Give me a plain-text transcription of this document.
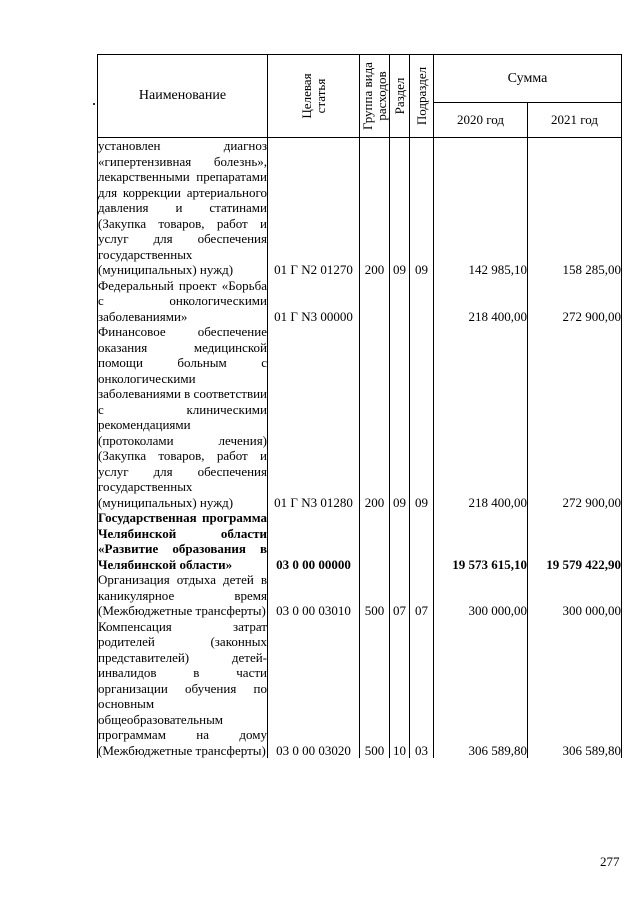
Наименование	Целевая статья	Группа вида расходов	Раздел	Подраздел	Сумма	
					2020 год	2021 год
установлен диагноз «гипертензивная болезнь», лекарственными препаратами для коррекции артериального давления и статинами (Закупка товаров, работ и услуг для обеспечения государственных (муниципальных) нужд)	01 Г N2 01270	200	09	09	142 985,10	158 285,00
Федеральный проект «Борьба с онкологическими заболеваниями»	01 Г N3 00000				218 400,00	272 900,00
Финансовое обеспечение оказания медицинской помощи больным с онкологическими заболеваниями в соответствии с клиническими рекомендациями (протоколами лечения) (Закупка товаров, работ и услуг для обеспечения государственных (муниципальных) нужд)	01 Г N3 01280	200	09	09	218 400,00	272 900,00
Государственная программа Челябинской области «Развитие образования в Челябинской области»	03 0 00 00000				19 573 615,10	19 579 422,90
Организация отдыха детей в каникулярное время (Межбюджетные трансферты)	03 0 00 03010	500	07	07	300 000,00	300 000,00
Компенсация затрат родителей (законных представителей) детей-инвалидов в части организации обучения по основным общеобразовательным программам на дому (Межбюджетные трансферты)	03 0 00 03020	500	10	03	306 589,80	306 589,80
277
